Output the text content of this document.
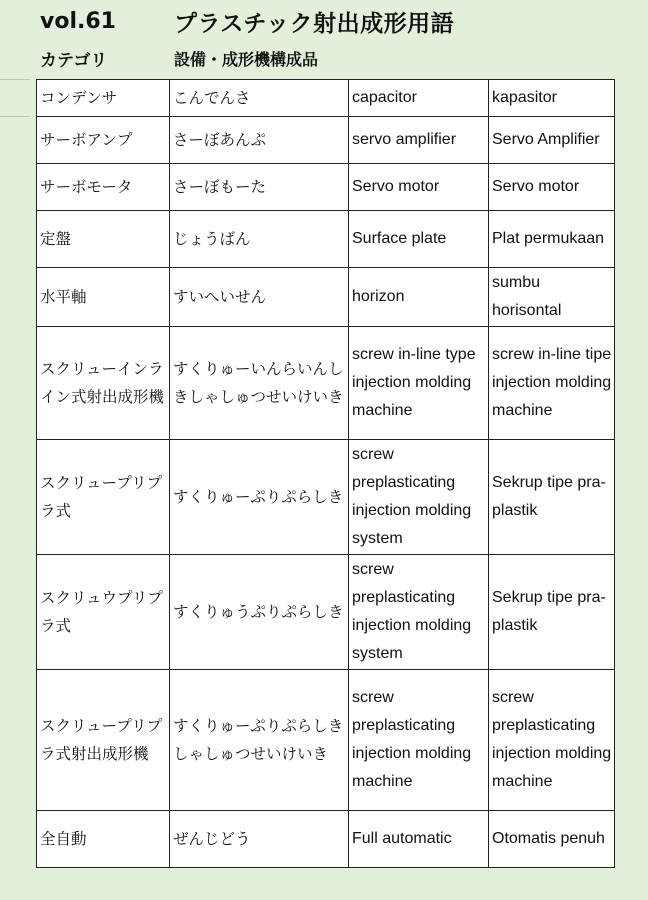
vol.61	プラスチック射出成形用語
カテゴリ	設備・成形機構成品
コンデンサ	こんでんさ	capacitor	kapasitor
サーボアンプ	さーぼあんぷ	servo amplifier	Servo Amplifier
サーボモータ	さーぼもーた	Servo motor	Servo motor
定盤	じょうばん	Surface plate	Plat permukaan
水平軸	すいへいせん	horizon	sumbu horisontal
スクリューインライン式射出成形機	すくりゅーいんらいんしきしゃしゅつせいけいき	screw in-line type injection molding machine	screw in-line tipe injection molding machine
スクリュープリプラ式	すくりゅーぷりぷらしき	screw preplasticating injection molding system	Sekrup tipe pra-plastik
スクリュウプリプラ式	すくりゅうぷりぷらしき	screw preplasticating injection molding system	Sekrup tipe pra-plastik
スクリュープリプラ式射出成形機	すくりゅーぷりぷらしきしゃしゅつせいけいき	screw preplasticating injection molding machine	screw preplasticating injection molding machine
全自動	ぜんじどう	Full automatic	Otomatis penuh
